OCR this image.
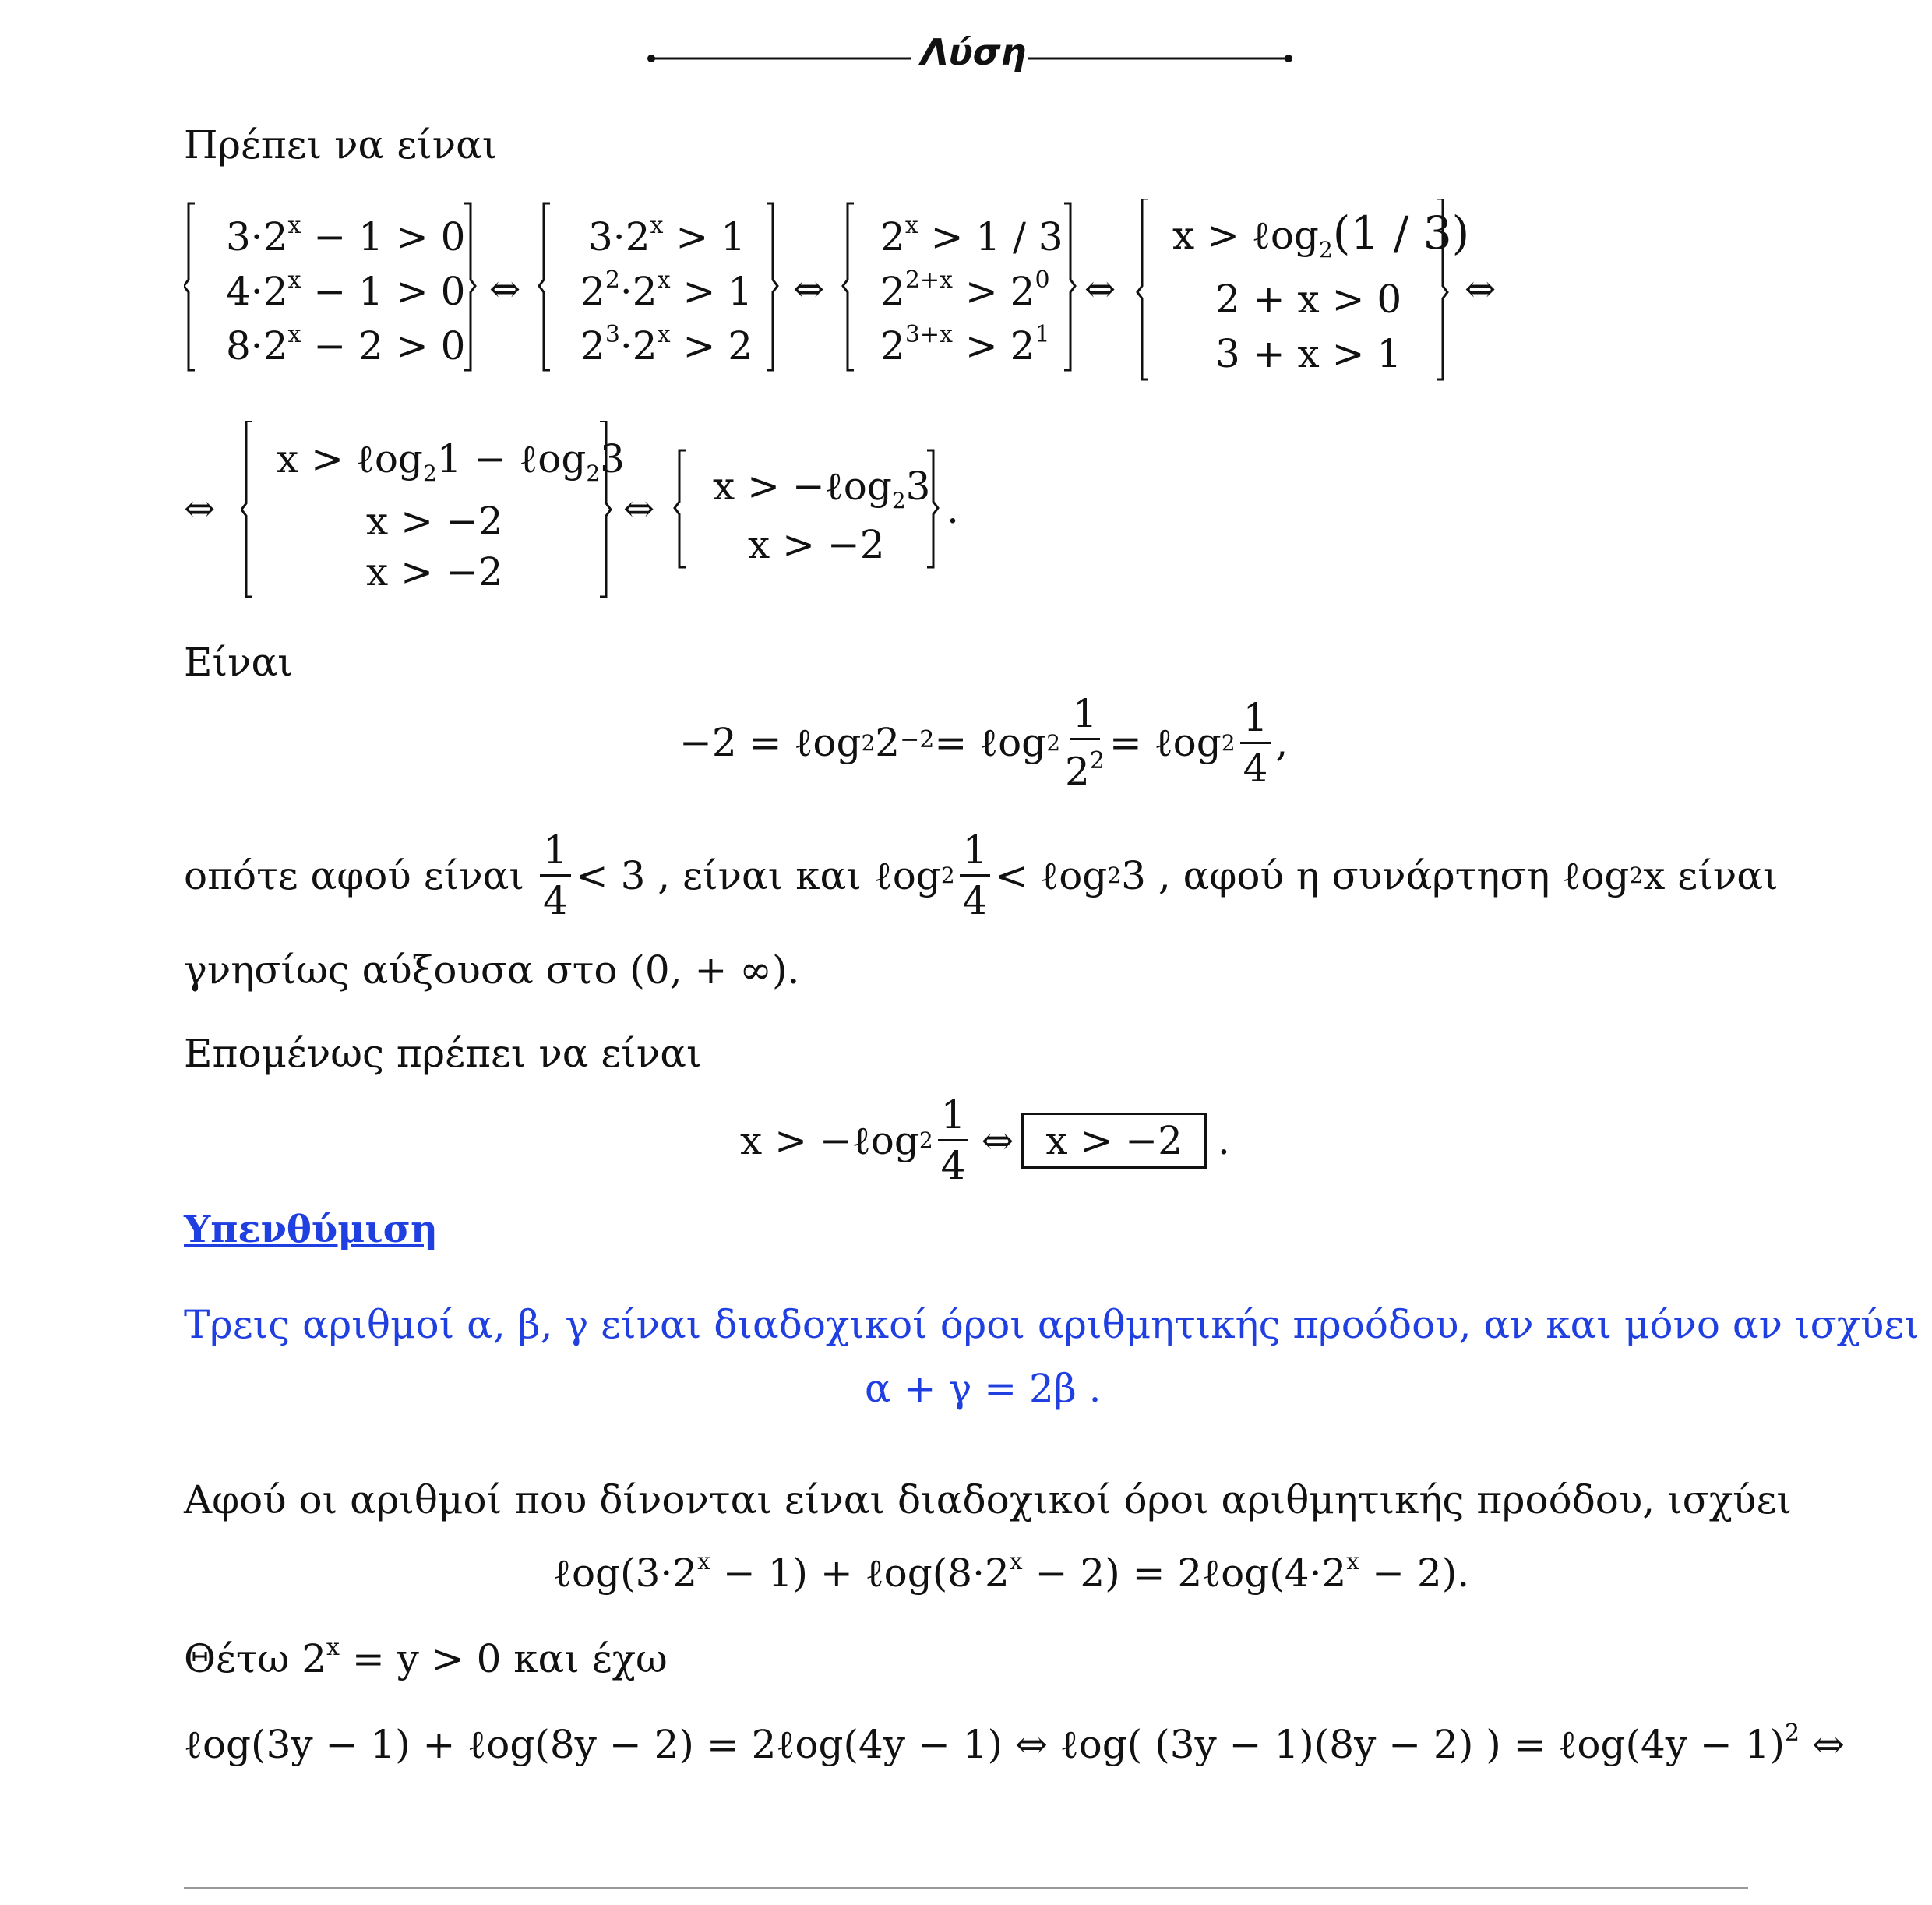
Λύση
Πρέπει να είναι
$3\cdot 2^x - 1 > 0$
$4\cdot 2^x - 1 > 0$
$8\cdot 2^x - 2 > 0$
⇔
$3\cdot 2^x > 1$
$2^2\cdot 2^x > 1$
$2^3\cdot 2^x > 2$
⇔
$2^x > 1 / 3$
$2^{2+x} > 2^0$
$2^{3+x} > 2^1$
⇔
x > ℓog$_2$(1 / 3)
2 + x > 0
3 + x > 1
⇔
⇔
x > ℓog$_2$1 − ℓog$_2$3
x > −2
x > −2
⇔ x > −ℓog$_2$3
x > −2
.
Είναι
−2 = ℓog 2 2 −2 = ℓog $2 \frac{1}{2^2}$ = ℓog $2 \frac{1}{4}$ ,
οπότε αφού είναι $\frac{1}{4} < 3$ , είναι και ℓog $2 \frac{1}{4}$ < ℓog 2 3 , αφού η συνάρτηση ℓog 2 x είναι
γνησίως αύξουσα στο (0, + ∞).
Επομένως πρέπει να είναι
x > −ℓog $2 \frac{1}{4}$ ⇔ x > −2 .
Υπενθύμιση
Τρεις αριθμοί α, β, γ είναι διαδοχικοί όροι αριθμητικής προόδου, αν και μόνο αν ισχύει
α + γ = 2β .
Αφού οι αριθμοί που δίνονται είναι διαδοχικοί όροι αριθμητικής προόδου, ισχύει
$\ell og(3\cdot 2^x - 1)$ + $\ell og(8\cdot 2^x - 2)$ = $2\ell og(4\cdot 2^x - 2)$.
Θέτω $2^x = y > 0$ και έχω
ℓog(3y − 1) + ℓog(8y − 2) = 2ℓog(4y − 1) ⇔ ℓog( (3y − 1)(8y − 2) ) = ℓog(4y − 1)$^2$ ⇔
